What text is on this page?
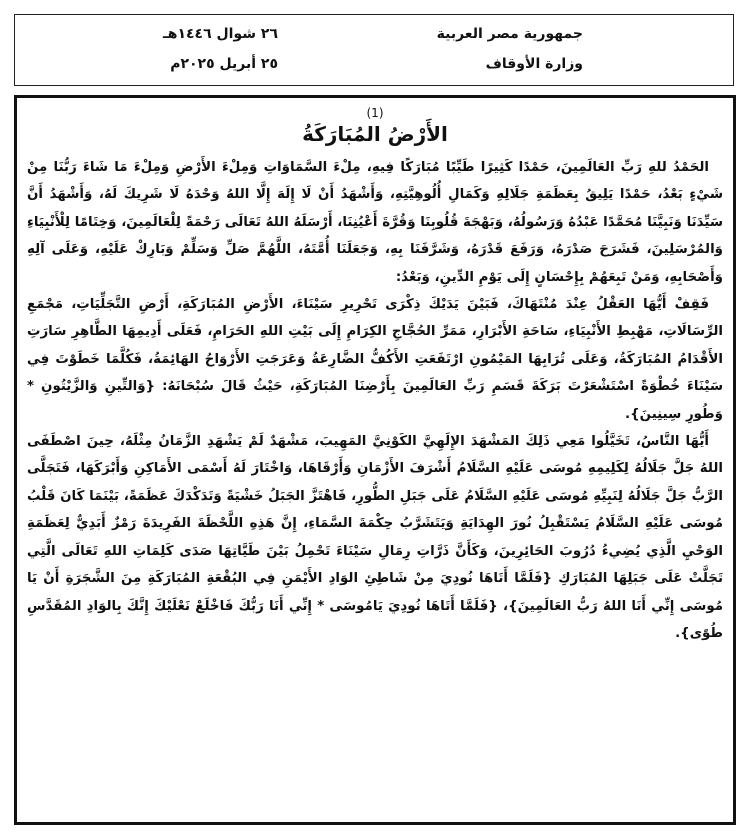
جمهورية مصر العربية
وزارة الأوقاف
٢٦ شوال ١٤٤٦هـ
٢٥ أبريل ٢٠٢٥م
(1)
الأَرْضُ المُبَارَكَةُ

الحَمْدُ للهِ رَبِّ العَالَمِينَ، حَمْدًا كَثِيرًا طَيِّبًا مُبَارَكًا فِيهِ، مِلْءَ السَّمَاوَاتِ وَمِلْءَ الأَرْضِ وَمِلْءَ مَا شَاءَ رَبُّنَا مِنْ شَيْءٍ بَعْدُ، حَمْدًا يَلِيقُ بِعَظَمَةِ جَلَالِهِ وَكَمَالِ أُلُوهِيَّتِهِ، وَأَشْهَدُ أَنْ لَا إِلَهَ إِلَّا اللهُ وَحْدَهُ لَا شَرِيكَ لَهُ، وَأَشْهَدُ أَنَّ سَيِّدَنَا وَنَبِيَّنَا مُحَمَّدًا عَبْدُهُ وَرَسُولُهُ، وَبَهْجَةَ قُلُوبِنَا وَقُرَّةَ أَعْيُنِنَا، أَرْسَلَهُ اللهُ تَعَالَى رَحْمَةً لِلْعَالَمِينَ، وَخِتَامًا لِلْأَنْبِيَاءِ وَالمُرْسَلِينَ، فَشَرَحَ صَدْرَهُ، وَرَفَعَ قَدْرَهُ، وَشَرَّفَنَا بِهِ، وَجَعَلَنَا أُمَّتَهُ، اللَّهُمَّ صَلِّ وَسَلِّمْ وَبَارِكْ عَلَيْهِ، وَعَلَى آلِهِ وَأَصْحَابِهِ، وَمَنْ تَبِعَهُمْ بِإِحْسَانٍ إِلَى يَوْمِ الدِّينِ، وَبَعْدُ:

فَقِفْ أَيُّهَا العَقْلُ عِنْدَ مُنْتَهَاكَ، فَبَيْنَ يَدَيْكَ ذِكْرَى تَحْرِيرِ سَيْنَاءَ، الأَرْضِ المُبَارَكَةِ، أَرْضِ التَّجَلِّيَاتِ، مَجْمَعِ الرِّسَالَاتِ، مَهْبِطِ الأَنْبِيَاءِ، سَاحَةِ الأَبْرَارِ، مَمَرِّ الحُجَّاجِ الكِرَامِ إِلَى بَيْتِ اللهِ الحَرَامِ، فَعَلَى أَدِيمِهَا الطَّاهِرِ سَارَتِ الأَقْدَامُ المُبَارَكَةُ، وَعَلَى تُرَابِهَا المَيْمُونِ ارْتَفَعَتِ الأَكُفُّ الضَّارِعَةُ وَعَرَجَتِ الأَرْوَاحُ الهَائِمَةُ، فَكُلَّمَا خَطَوْتَ فِي سَيْنَاءَ خُطْوَةً اسْتَشْعَرْتَ بَرَكَةَ قَسَمِ رَبِّ العَالَمِينَ بِأَرْضِنَا المُبَارَكَةِ، حَيْثُ قَالَ سُبْحَانَهُ: {وَالتِّينِ وَالزَّيْتُونِ * وَطُورِ سِينِينَ}.

أَيُّهَا النَّاسُ، تَخَيَّلُوا مَعِي ذَلِكَ المَشْهَدَ الإِلَهِيَّ الكَوْنِيَّ المَهِيبَ، مَشْهَدٌ لَمْ يَشْهَدِ الزَّمَانُ مِثْلَهُ، حِينَ اصْطَفَى اللهُ جَلَّ جَلَالُهُ لِكَلِيمِهِ مُوسَى عَلَيْهِ السَّلَامُ أَشْرَفَ الأَزْمَانِ وَأَرْقَاهَا، وَاخْتَارَ لَهُ أَسْمَى الأَمَاكِنِ وَأَبْرَكَهَا، فَتَجَلَّى الرَّبُّ جَلَّ جَلَالُهُ لِنَبِيِّهِ مُوسَى عَلَيْهِ السَّلَامُ عَلَى جَبَلِ الطُّورِ، فَاهْتَزَّ الجَبَلُ خَشْيَةً وَتَدَكْدَكَ عَظَمَةً، بَيْنَمَا كَانَ قَلْبُ مُوسَى عَلَيْهِ السَّلَامُ يَسْتَقْبِلُ نُورَ الهِدَايَةِ وَيَتَشَرَّبُ حِكْمَةَ السَّمَاءِ، إِنَّ هَذِهِ اللَّحْظَةَ الفَرِيدَةَ رَمْزٌ أَبَدِيٌّ لِعَظَمَةِ الوَحْيِ الَّذِي يُضِيءُ دُرُوبَ الحَائِرِينَ، وَكَأَنَّ ذَرَّاتِ رِمَالِ سَيْنَاءَ تَحْمِلُ بَيْنَ طَيَّاتِهَا صَدَى كَلِمَاتِ اللهِ تَعَالَى الَّتِي تَجَلَّتْ عَلَى جَبَلِهَا المُبَارَكِ {فَلَمَّا أَتَاهَا نُودِيَ مِنْ شَاطِئِ الوَادِ الأَيْمَنِ فِي البُقْعَةِ المُبَارَكَةِ مِنَ الشَّجَرَةِ أَنْ يَا مُوسَى إِنِّي أَنَا اللهُ رَبُّ العَالَمِينَ}، {فَلَمَّا أَتَاهَا نُودِيَ يَامُوسَى * إِنِّي أَنَا رَبُّكَ فَاخْلَعْ نَعْلَيْكَ إِنَّكَ بِالوَادِ المُقَدَّسِ طُوًى}.
